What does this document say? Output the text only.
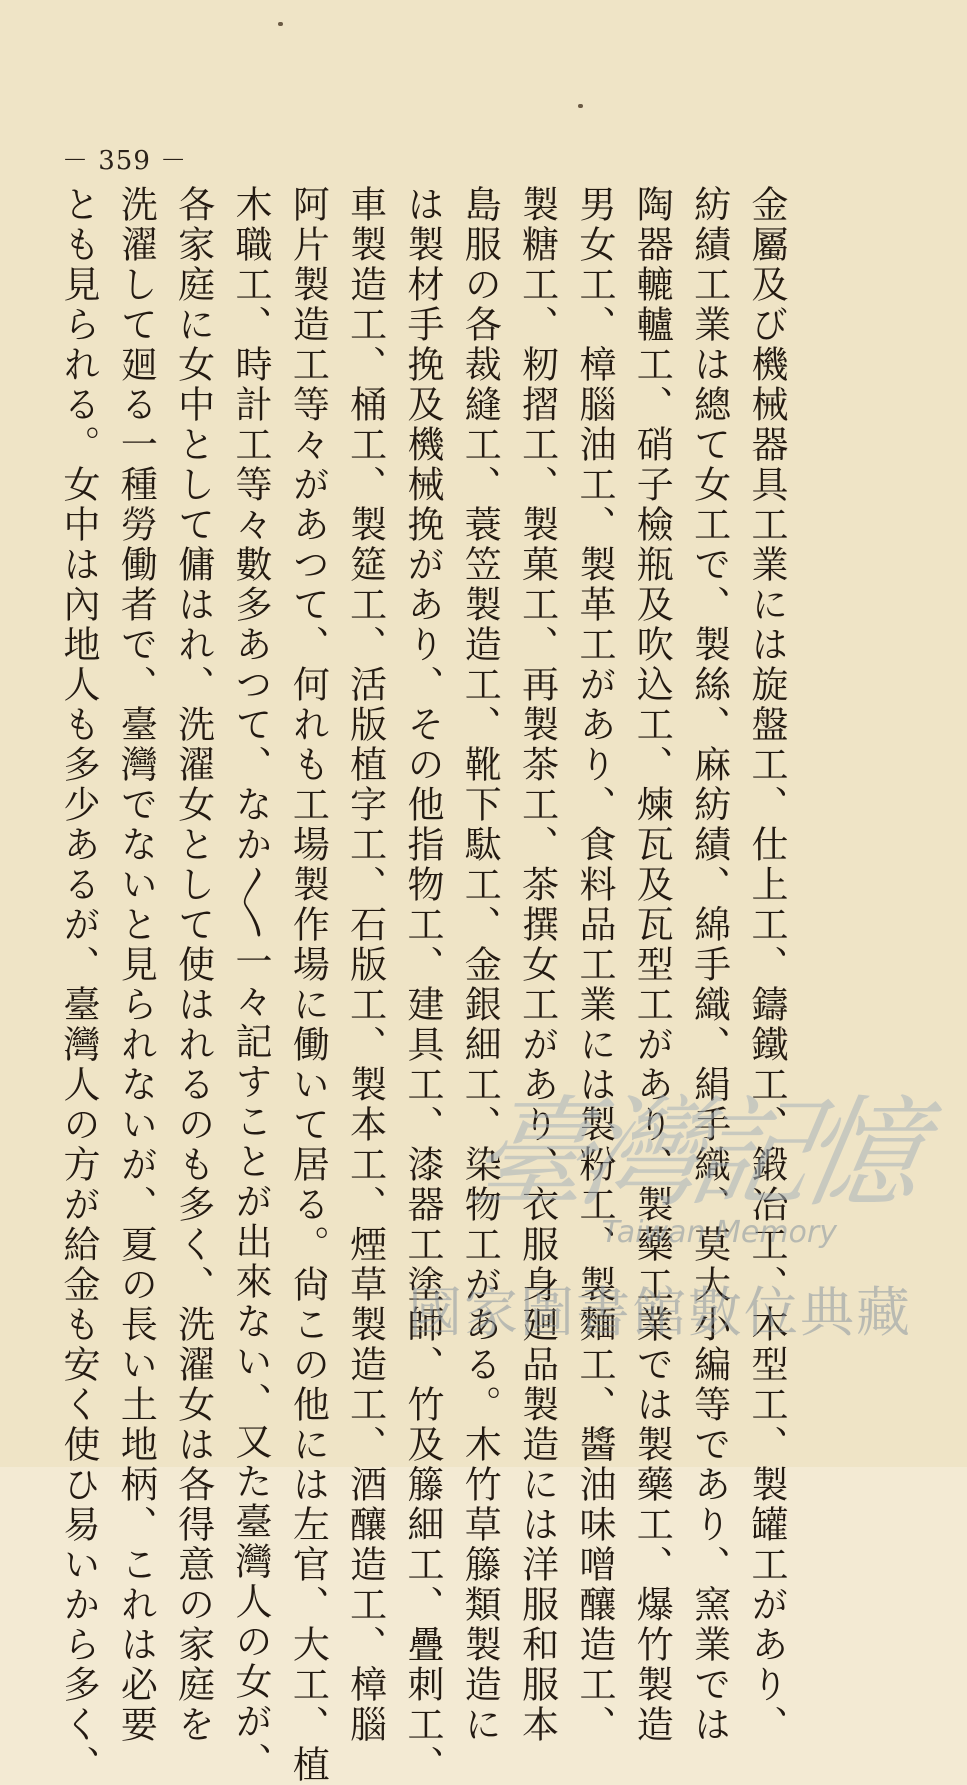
－ 359 －
金屬及び機械器具工業には旋盤工、仕上工、鑄鐵工、鍛冶工、木型工、製罐工があり、
紡績工業は總て女工で、製絲、麻紡績、綿手織、絹手織、莫大小編等であり、窯業では
陶器轆轤工、硝子檢瓶及吹込工、煉瓦及瓦型工があり、製藥工業では製藥工、爆竹製造
男女工、樟腦油工、製革工があり、食料品工業には製粉工、製麵工、醬油味噌釀造工、
製糖工、籾摺工、製菓工、再製茶工、茶撰女工があり、衣服身廻品製造には洋服和服本
島服の各裁縫工、蓑笠製造工、靴下駄工、金銀細工、染物工がある。木竹草籐類製造に
は製材手挽及機械挽があり、その他指物工、建具工、漆器工塗師、竹及籐細工、疊刺工、
車製造工、桶工、製筵工、活版植字工、石版工、製本工、煙草製造工、酒釀造工、樟腦
阿片製造工等々があつて、何れも工場製作場に働いて居る。尙この他には左官、大工、植
木職工、時計工等々數多あつて、なか〱一々記すことが出來ない、又た臺灣人の女が、
各家庭に女中として傭はれ、洗濯女として使はれるのも多く、洗濯女は各得意の家庭を
洗濯して廻る一種勞働者で、臺灣でないと見られないが、夏の長い土地柄、これは必要
とも見られる。女中は內地人も多少あるが、臺灣人の方が給金も安く使ひ易いから多く、	臺灣記憶
Taiwan Memory
國家圖書館數位典藏
